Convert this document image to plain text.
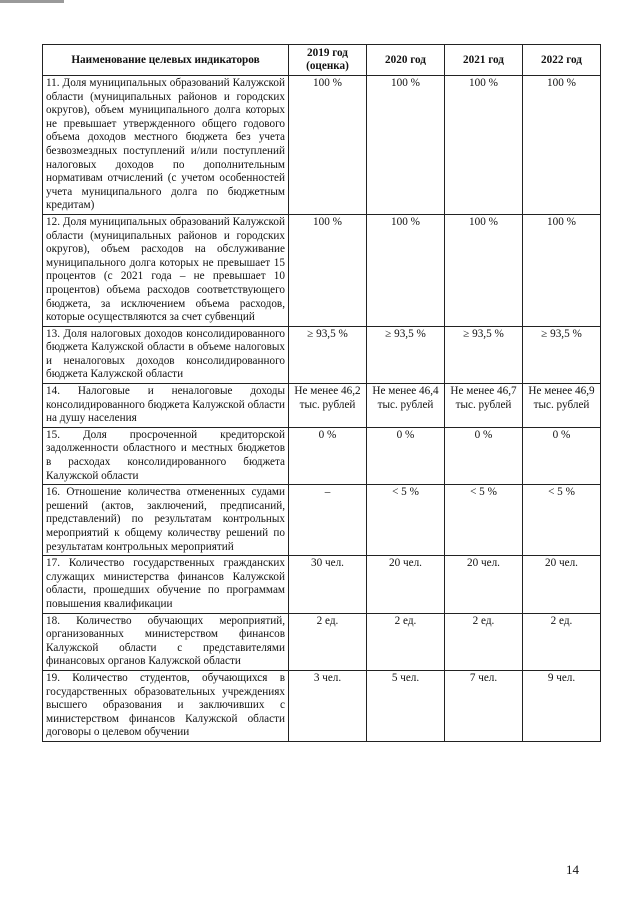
Наименование целевых индикаторов	2019 год (оценка)	2020 год	2021 год	2022 год
11. Доля муниципальных образований Калужской области (муниципальных районов и городских округов), объем муниципального долга которых не превышает утвержденного общего годового объема доходов местного бюджета без учета безвозмездных поступлений и/или поступлений налоговых доходов по дополнительным нормативам отчислений (с учетом особенностей учета муниципального долга по бюджетным кредитам)	100 %	100 %	100 %	100 %
12. Доля муниципальных образований Калужской области (муниципальных районов и городских округов), объем расходов на обслуживание муниципального долга которых не превышает 15 процентов (с 2021 года – не превышает 10 процентов) объема расходов соответствующего бюджета, за исключением объема расходов, которые осуществляются за счет субвенций	100 %	100 %	100 %	100 %
13. Доля налоговых доходов консолидированного бюджета Калужской области в объеме налоговых и неналоговых доходов консолидированного бюджета Калужской области	≥ 93,5 %	≥ 93,5 %	≥ 93,5 %	≥ 93,5 %
14. Налоговые и неналоговые доходы консолидированного бюджета Калужской области на душу населения	Не менее 46,2 тыс. рублей	Не менее 46,4 тыс. рублей	Не менее 46,7 тыс. рублей	Не менее 46,9 тыс. рублей
15. Доля просроченной кредиторской задолженности областного и местных бюджетов в расходах консолидированного бюджета Калужской области	0 %	0 %	0 %	0 %
16. Отношение количества отмененных судами решений (актов, заключений, предписаний, представлений) по результатам контрольных мероприятий к общему количеству решений по результатам контрольных мероприятий	–	< 5 %	< 5 %	< 5 %
17. Количество государственных гражданских служащих министерства финансов Калужской области, прошедших обучение по программам повышения квалификации	30 чел.	20 чел.	20 чел.	20 чел.
18. Количество обучающих мероприятий, организованных министерством финансов Калужской области с представителями финансовых органов Калужской области	2 ед.	2 ед.	2 ед.	2 ед.
19. Количество студентов, обучающихся в государственных образовательных учреждениях высшего образования и заключивших с министерством финансов Калужской области договоры о целевом обучении	3 чел.	5 чел.	7 чел.	9 чел.
14
